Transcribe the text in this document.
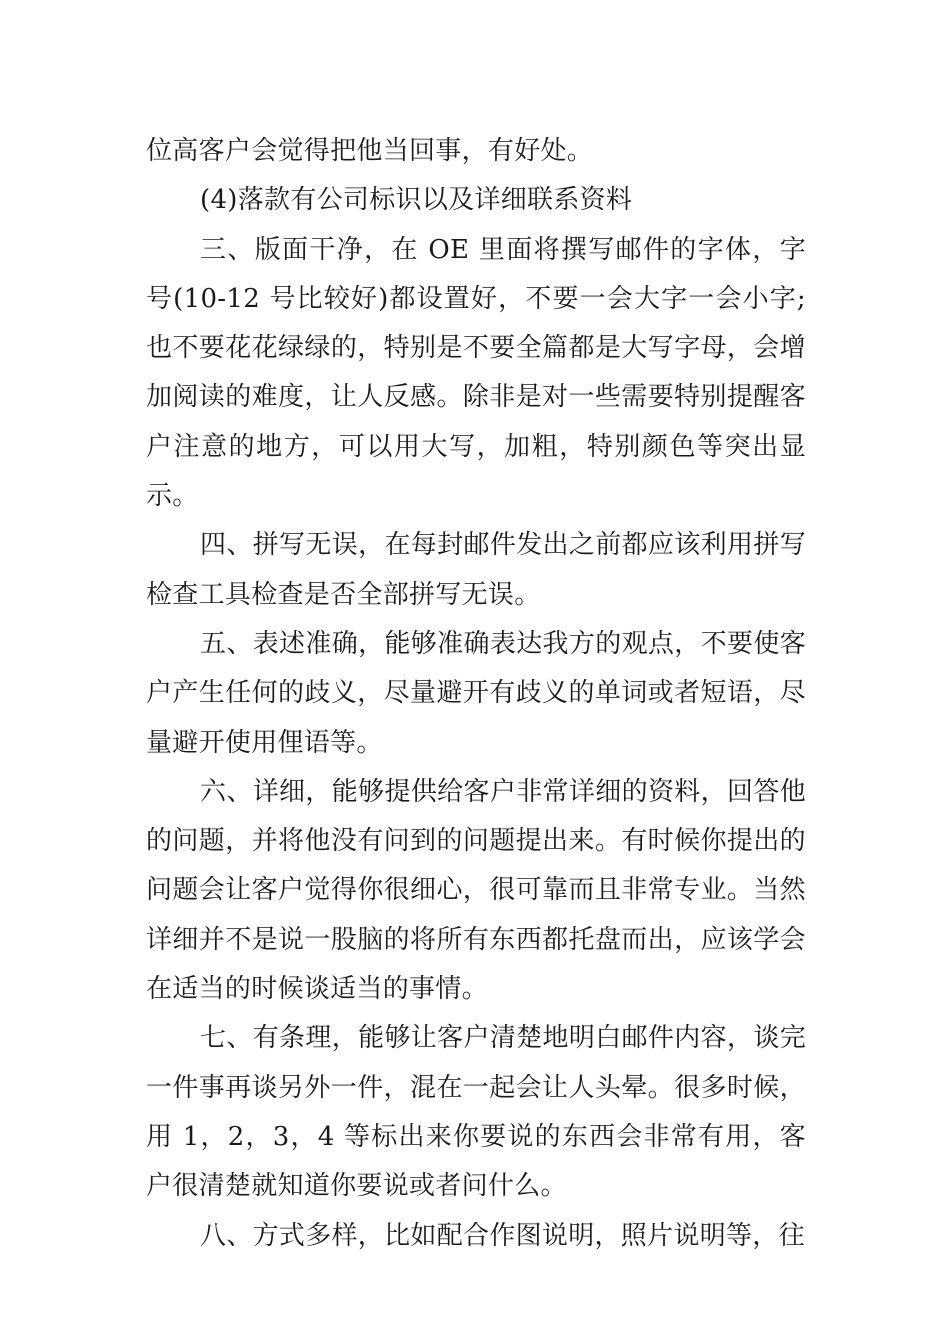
位高客户会觉得把他当回事，有好处。

(4)落款有公司标识以及详细联系资料

三、版面干净，在 OE 里面将撰写邮件的字体，字号(10-12 号比较好)都设置好，不要一会大字一会小字;也不要花花绿绿的，特别是不要全篇都是大写字母，会增加阅读的难度，让人反感。除非是对一些需要特别提醒客户注意的地方，可以用大写，加粗，特别颜色等突出显示。

四、拼写无误，在每封邮件发出之前都应该利用拼写检查工具检查是否全部拼写无误。

五、表述准确，能够准确表达我方的观点，不要使客户产生任何的歧义，尽量避开有歧义的单词或者短语，尽量避开使用俚语等。

六、详细，能够提供给客户非常详细的资料，回答他的问题，并将他没有问到的问题提出来。有时候你提出的问题会让客户觉得你很细心，很可靠而且非常专业。当然详细并不是说一股脑的将所有东西都托盘而出，应该学会在适当的时候谈适当的事情。

七、有条理，能够让客户清楚地明白邮件内容，谈完一件事再谈另外一件，混在一起会让人头晕。很多时候，用 1，2，3，4 等标出来你要说的东西会非常有用，客户很清楚就知道你要说或者问什么。

八、方式多样，比如配合作图说明，照片说明等，往
